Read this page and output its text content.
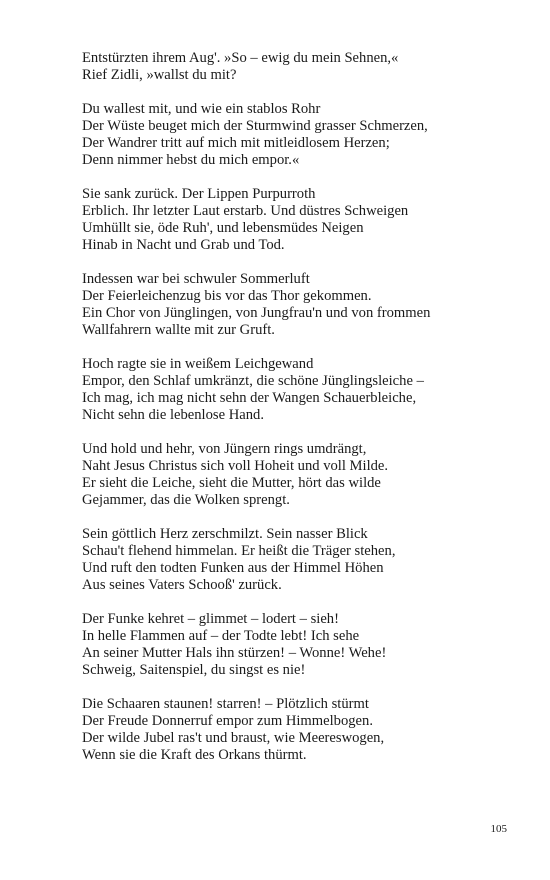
Entstürzten ihrem Aug'. »So – ewig du mein Sehnen,«
Rief Zidli, »wallst du mit?
Du wallest mit, und wie ein stablos Rohr
Der Wüste beuget mich der Sturmwind grasser Schmerzen,
Der Wandrer tritt auf mich mit mitleidlosem Herzen;
Denn nimmer hebst du mich empor.«
Sie sank zurück. Der Lippen Purpurroth
Erblich. Ihr letzter Laut erstarb. Und düstres Schweigen
Umhüllt sie, öde Ruh', und lebensmüdes Neigen
Hinab in Nacht und Grab und Tod.
Indessen war bei schwuler Sommerluft
Der Feierleichenzug bis vor das Thor gekommen.
Ein Chor von Jünglingen, von Jungfrau'n und von frommen
Wallfahrern wallte mit zur Gruft.
Hoch ragte sie in weißem Leichgewand
Empor, den Schlaf umkränzt, die schöne Jünglingsleiche –
Ich mag, ich mag nicht sehn der Wangen Schauerbleiche,
Nicht sehn die lebenlose Hand.
Und hold und hehr, von Jüngern rings umdrängt,
Naht Jesus Christus sich voll Hoheit und voll Milde.
Er sieht die Leiche, sieht die Mutter, hört das wilde
Gejammer, das die Wolken sprengt.
Sein göttlich Herz zerschmilzt. Sein nasser Blick
Schau't flehend himmelan. Er heißt die Träger stehen,
Und ruft den todten Funken aus der Himmel Höhen
Aus seines Vaters Schooß' zurück.
Der Funke kehret – glimmet – lodert – sieh!
In helle Flammen auf – der Todte lebt! Ich sehe
An seiner Mutter Hals ihn stürzen! – Wonne! Wehe!
Schweig, Saitenspiel, du singst es nie!
Die Schaaren staunen! starren! – Plötzlich stürmt
Der Freude Donnerruf empor zum Himmelbogen.
Der wilde Jubel ras't und braust, wie Meereswogen,
Wenn sie die Kraft des Orkans thürmt.
105
